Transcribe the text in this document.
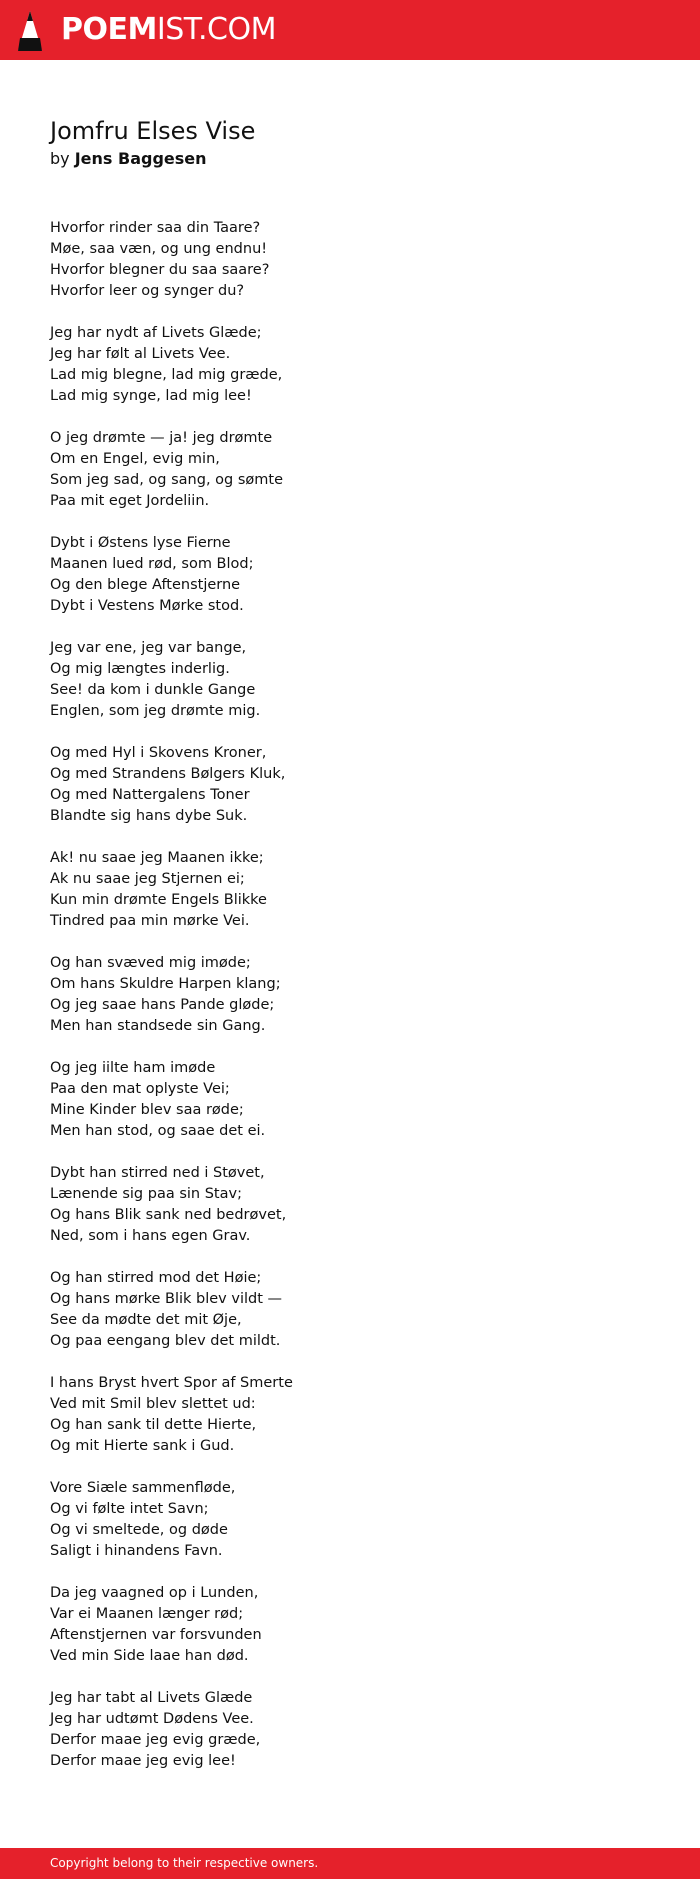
POEMIST.COM
Jomfru Elses Vise
by Jens Baggesen
Hvorfor rinder saa din Taare?
Møe, saa væn, og ung endnu!
Hvorfor blegner du saa saare?
Hvorfor leer og synger du?
Jeg har nydt af Livets Glæde;
Jeg har følt al Livets Vee.
Lad mig blegne, lad mig græde,
Lad mig synge, lad mig lee!
O jeg drømte — ja! jeg drømte
Om en Engel, evig min,
Som jeg sad, og sang, og sømte
Paa mit eget Jordeliin.
Dybt i Østens lyse Fierne
Maanen lued rød, som Blod;
Og den blege Aftenstjerne
Dybt i Vestens Mørke stod.
Jeg var ene, jeg var bange,
Og mig længtes inderlig.
See! da kom i dunkle Gange
Englen, som jeg drømte mig.
Og med Hyl i Skovens Kroner,
Og med Strandens Bølgers Kluk,
Og med Nattergalens Toner
Blandte sig hans dybe Suk.
Ak! nu saae jeg Maanen ikke;
Ak nu saae jeg Stjernen ei;
Kun min drømte Engels Blikke
Tindred paa min mørke Vei.
Og han svæved mig imøde;
Om hans Skuldre Harpen klang;
Og jeg saae hans Pande gløde;
Men han standsede sin Gang.
Og jeg iilte ham imøde
Paa den mat oplyste Vei;
Mine Kinder blev saa røde;
Men han stod, og saae det ei.
Dybt han stirred ned i Støvet,
Lænende sig paa sin Stav;
Og hans Blik sank ned bedrøvet,
Ned, som i hans egen Grav.
Og han stirred mod det Høie;
Og hans mørke Blik blev vildt —
See da mødte det mit Øje,
Og paa eengang blev det mildt.
I hans Bryst hvert Spor af Smerte
Ved mit Smil blev slettet ud:
Og han sank til dette Hierte,
Og mit Hierte sank i Gud.
Vore Siæle sammenfløde,
Og vi følte intet Savn;
Og vi smeltede, og døde
Saligt i hinandens Favn.
Da jeg vaagned op i Lunden,
Var ei Maanen længer rød;
Aftenstjernen var forsvunden
Ved min Side laae han død.
Jeg har tabt al Livets Glæde
Jeg har udtømt Dødens Vee.
Derfor maae jeg evig græde,
Derfor maae jeg evig lee!
Copyright belong to their respective owners.
